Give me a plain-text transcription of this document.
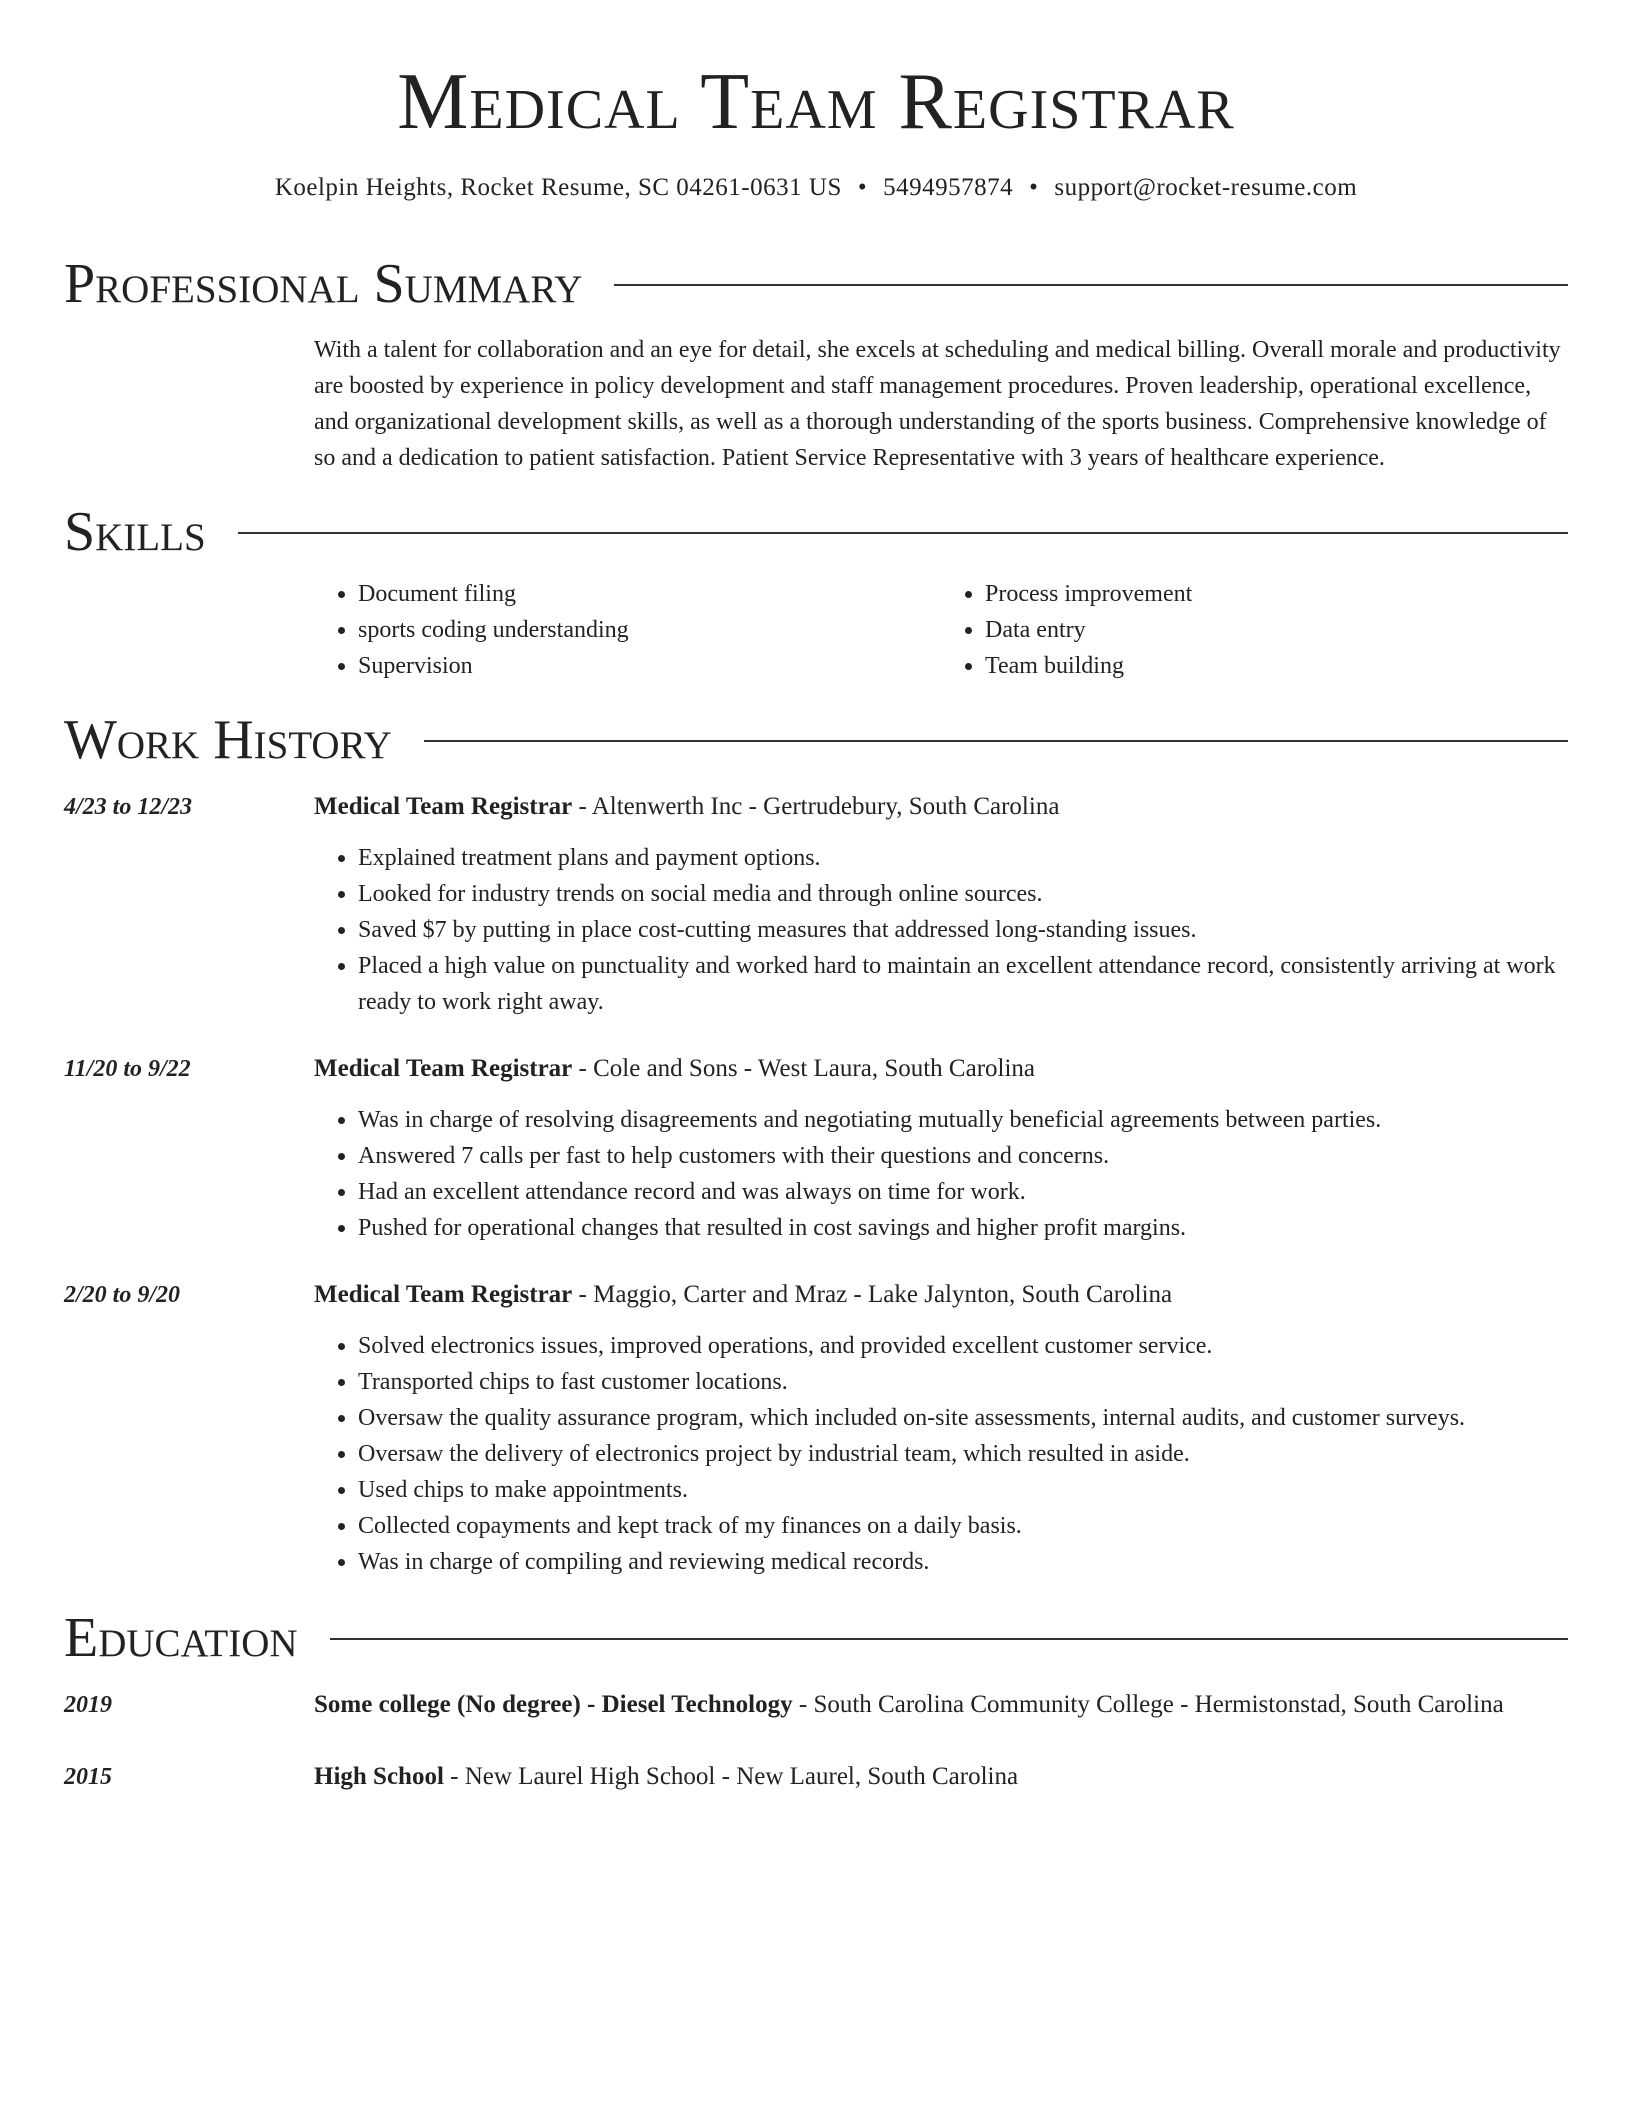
Medical Team Registrar
Koelpin Heights, Rocket Resume, SC 04261-0631 US • 5494957874 • support@rocket-resume.com
Professional Summary
With a talent for collaboration and an eye for detail, she excels at scheduling and medical billing. Overall morale and productivity are boosted by experience in policy development and staff management procedures. Proven leadership, operational excellence, and organizational development skills, as well as a thorough understanding of the sports business. Comprehensive knowledge of so and a dedication to patient satisfaction. Patient Service Representative with 3 years of healthcare experience.
Skills
• Document filing
• sports coding understanding
• Supervision
• Process improvement
• Data entry
• Team building
Work History
4/23 to 12/23	Medical Team Registrar - Altenwerth Inc - Gertrudebury, South Carolina
• Explained treatment plans and payment options.
• Looked for industry trends on social media and through online sources.
• Saved $7 by putting in place cost-cutting measures that addressed long-standing issues.
• Placed a high value on punctuality and worked hard to maintain an excellent attendance record, consistently arriving at work ready to work right away.
11/20 to 9/22	Medical Team Registrar - Cole and Sons - West Laura, South Carolina
• Was in charge of resolving disagreements and negotiating mutually beneficial agreements between parties.
• Answered 7 calls per fast to help customers with their questions and concerns.
• Had an excellent attendance record and was always on time for work.
• Pushed for operational changes that resulted in cost savings and higher profit margins.
2/20 to 9/20	Medical Team Registrar - Maggio, Carter and Mraz - Lake Jalynton, South Carolina
• Solved electronics issues, improved operations, and provided excellent customer service.
• Transported chips to fast customer locations.
• Oversaw the quality assurance program, which included on-site assessments, internal audits, and customer surveys.
• Oversaw the delivery of electronics project by industrial team, which resulted in aside.
• Used chips to make appointments.
• Collected copayments and kept track of my finances on a daily basis.
• Was in charge of compiling and reviewing medical records.
Education
2019	Some college (No degree) - Diesel Technology - South Carolina Community College - Hermistonstad, South Carolina
2015	High School - New Laurel High School - New Laurel, South Carolina
